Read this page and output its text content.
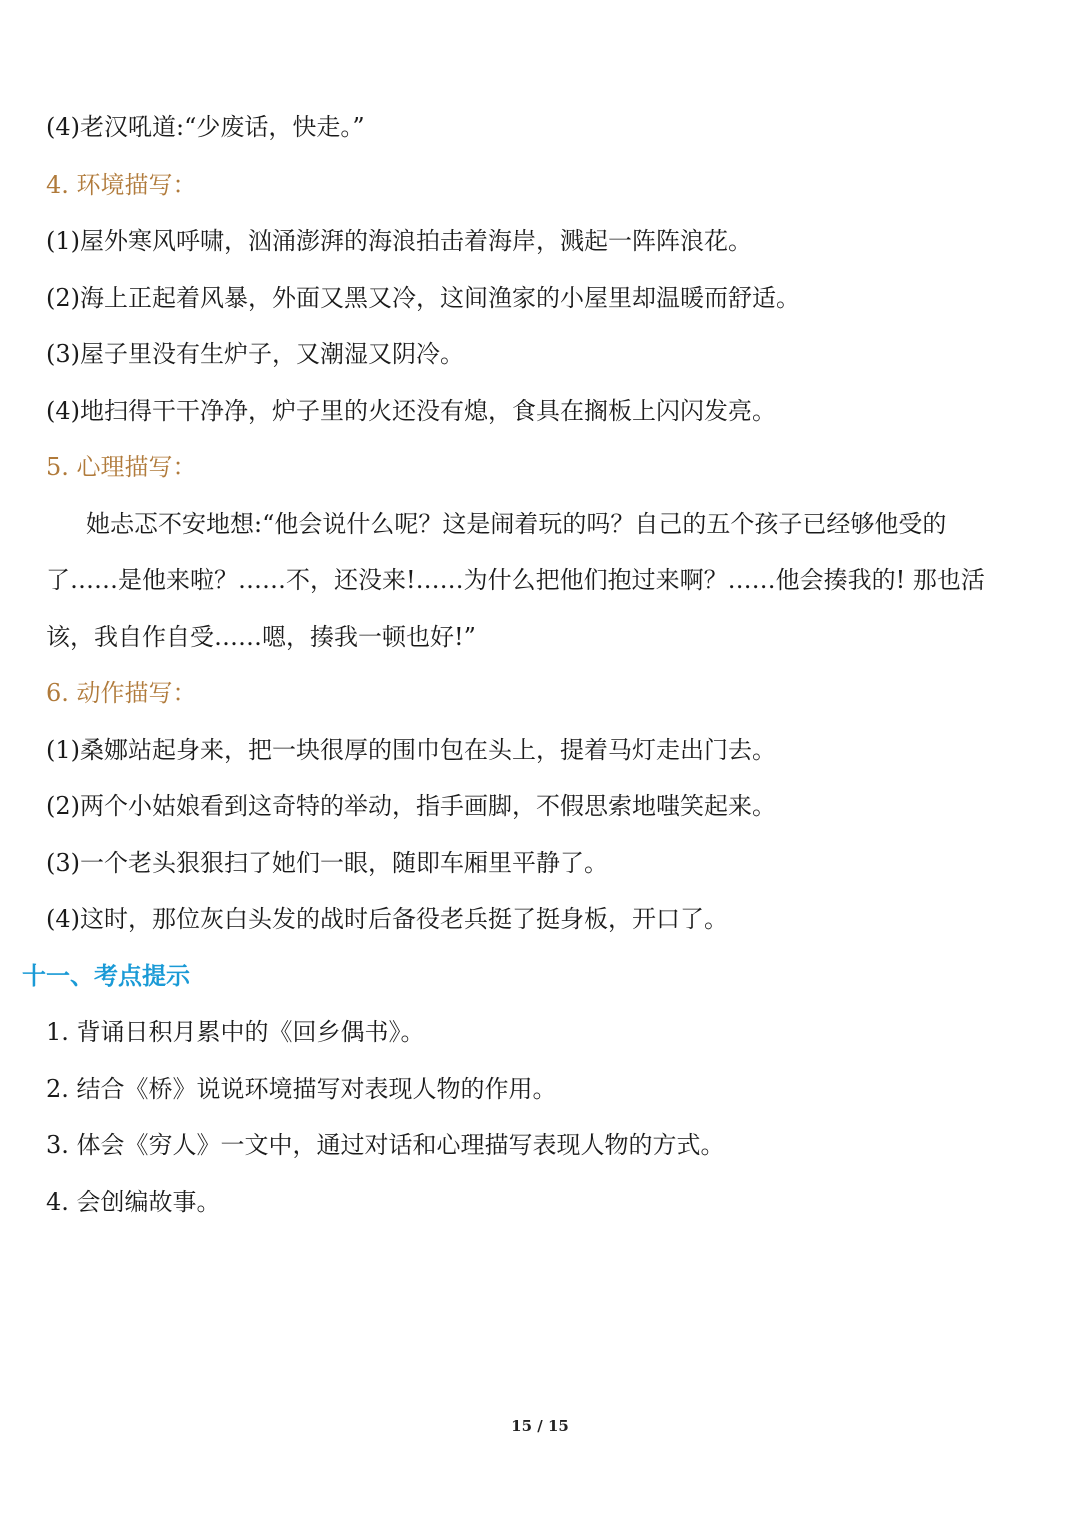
(4)老汉吼道:“少废话，快走。”
4. 环境描写：
(1)屋外寒风呼啸，汹涌澎湃的海浪拍击着海岸，溅起一阵阵浪花。
(2)海上正起着风暴，外面又黑又冷，这间渔家的小屋里却温暖而舒适。
(3)屋子里没有生炉子，又潮湿又阴冷。
(4)地扫得干干净净，炉子里的火还没有熄，食具在搁板上闪闪发亮。
5. 心理描写：
她忐忑不安地想:“他会说什么呢？这是闹着玩的吗？自己的五个孩子已经够他受的
了……是他来啦？……不，还没来!……为什么把他们抱过来啊？……他会揍我的! 那也活
该，我自作自受……嗯，揍我一顿也好!”
6. 动作描写：
(1)桑娜站起身来，把一块很厚的围巾包在头上，提着马灯走出门去。
(2)两个小姑娘看到这奇特的举动，指手画脚，不假思索地嗤笑起来。
(3)一个老头狠狠扫了她们一眼，随即车厢里平静了。
(4)这时，那位灰白头发的战时后备役老兵挺了挺身板，开口了。
十一、考点提示
1. 背诵日积月累中的《回乡偶书》。
2. 结合《桥》说说环境描写对表现人物的作用。
3. 体会《穷人》一文中，通过对话和心理描写表现人物的方式。
4. 会创编故事。
15 / 15
